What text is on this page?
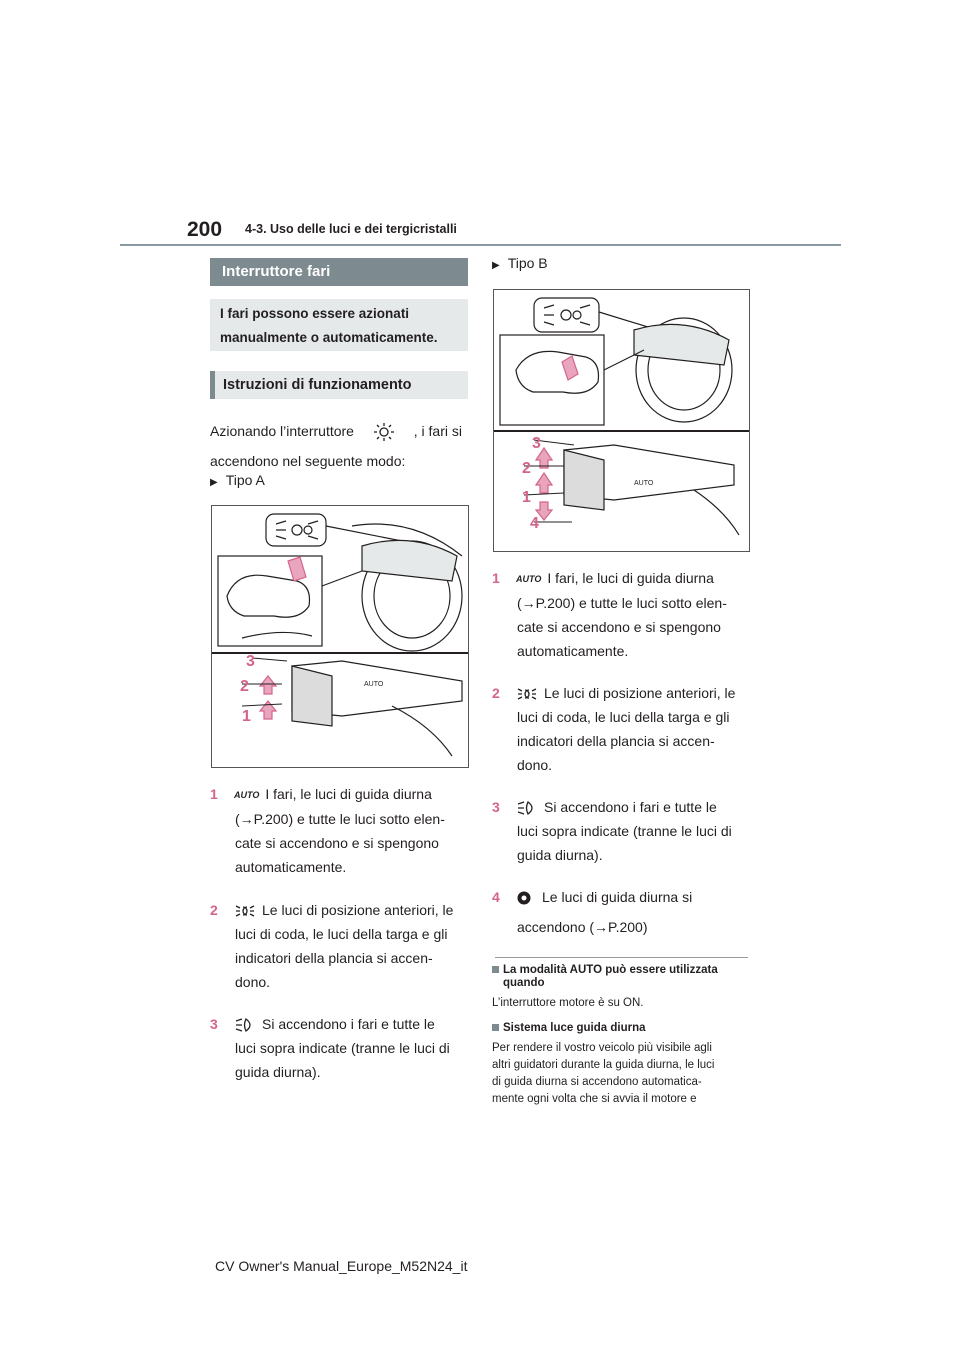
200 4-3. Uso delle luci e dei tergicristalli
Interruttore fari
I fari possono essere azionati
manualmente o automaticamente.
Istruzioni di funzionamento
Azionando l’interruttore	, i fari si
accendono nel seguente modo:
▶ Tipo A
AUTO
3
2
1
1 AUTO I fari, le luci di guida diurna
(→P.200) e tutte le luci sotto elen-
cate si accendono e si spengono
automaticamente.
2	Le luci di posizione anteriori, le
luci di coda, le luci della targa e gli
indicatori della plancia si accen-
dono.
3	Si accendono i fari e tutte le
luci sopra indicate (tranne le luci di
guida diurna).
▶ Tipo B
AUTO
3
2
1
4
1 AUTO I fari, le luci di guida diurna
(→P.200) e tutte le luci sotto elen-
cate si accendono e si spengono
automaticamente.
2	Le luci di posizione anteriori, le
luci di coda, le luci della targa e gli
indicatori della plancia si accen-
dono.
3	Si accendono i fari e tutte le
luci sopra indicate (tranne le luci di
guida diurna).
4	Le luci di guida diurna si
accendono (→P.200)
La modalità AUTO può essere utilizzata
quando
L’interruttore motore è su ON.
Sistema luce guida diurna
Per rendere il vostro veicolo più visibile agli
altri guidatori durante la guida diurna, le luci
di guida diurna si accendono automatica-
mente ogni volta che si avvia il motore e
CV Owner's Manual_Europe_M52N24_it
